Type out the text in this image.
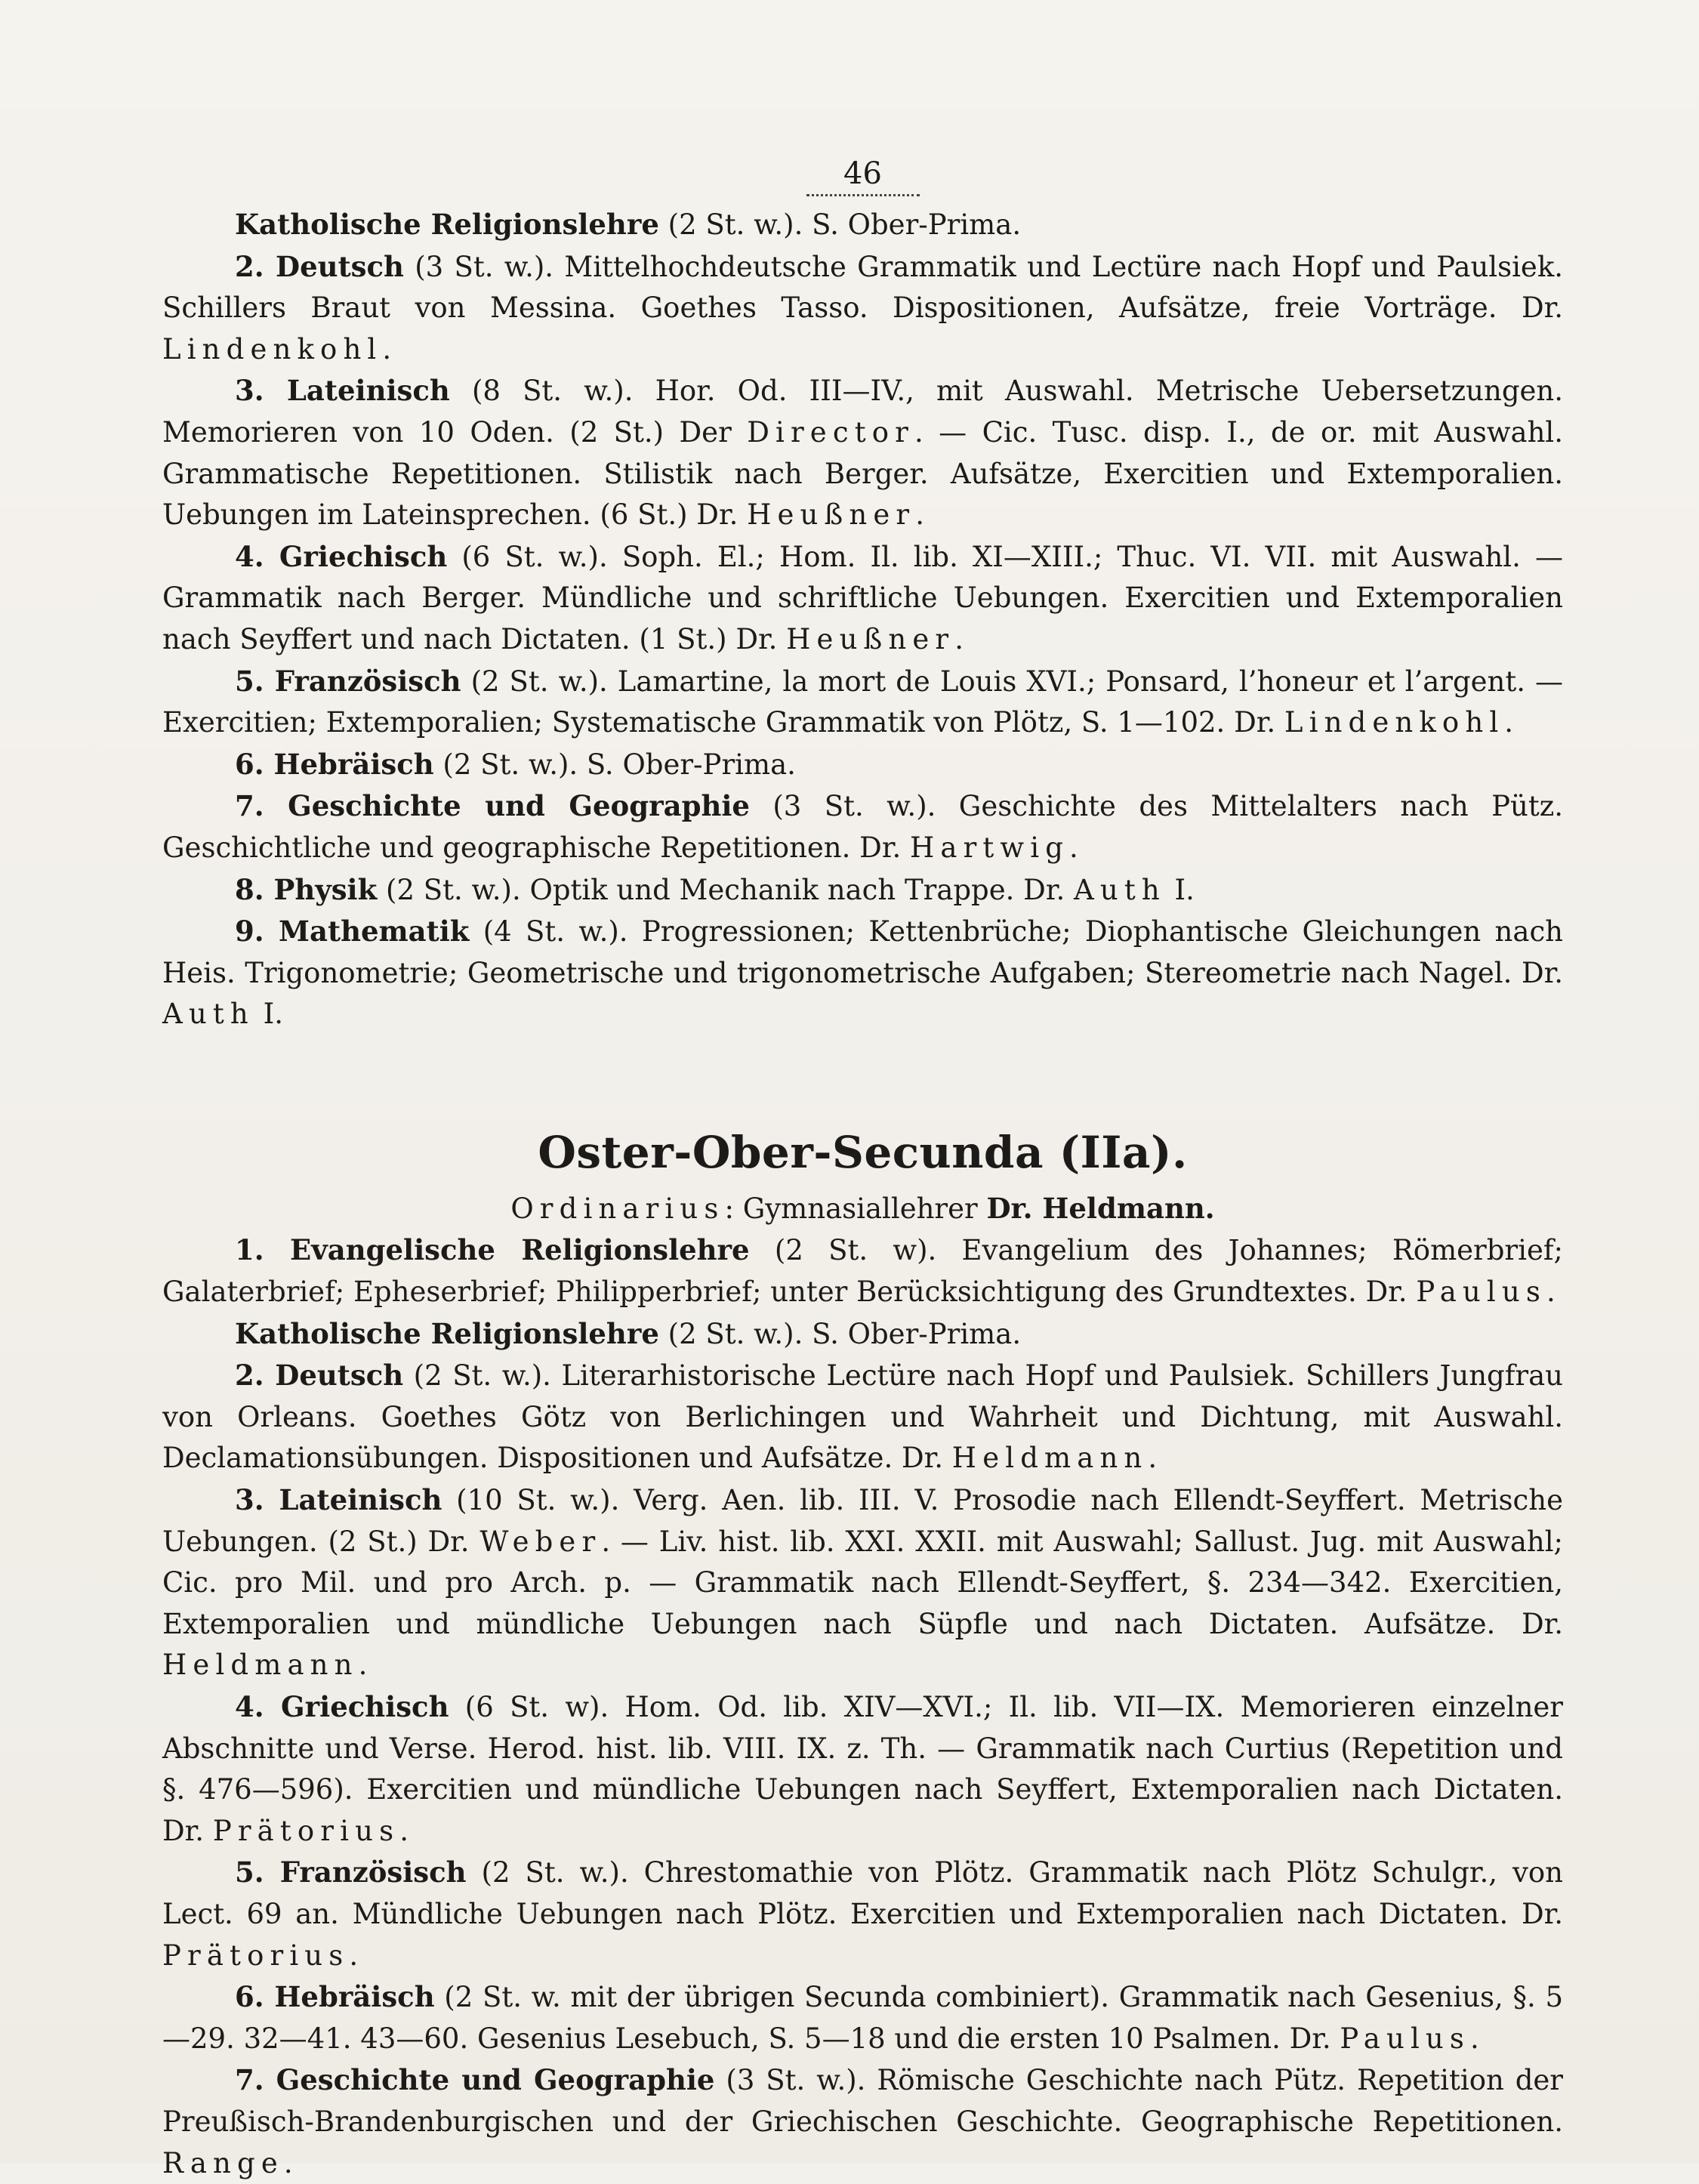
46

Katholische Religionslehre (2 St. w.). S. Ober-Prima.

2. Deutsch (3 St. w.). Mittelhochdeutsche Grammatik und Lectüre nach Hopf und Paulsiek. Schillers Braut von Messina. Goethes Tasso. Dispositionen, Aufsätze, freie Vorträge. Dr. Lindenkohl.

3. Lateinisch (8 St. w.). Hor. Od. III—IV., mit Auswahl. Metrische Uebersetzungen. Memorieren von 10 Oden. (2 St.) Der Director. — Cic. Tusc. disp. I., de or. mit Auswahl. Grammatische Repetitionen. Stilistik nach Berger. Aufsätze, Exercitien und Extemporalien. Uebungen im Lateinsprechen. (6 St.) Dr. Heußner.

4. Griechisch (6 St. w.). Soph. El.; Hom. Il. lib. XI—XIII.; Thuc. VI. VII. mit Auswahl. — Grammatik nach Berger. Mündliche und schriftliche Uebungen. Exercitien und Extemporalien nach Seyffert und nach Dictaten. (1 St.) Dr. Heußner.

5. Französisch (2 St. w.). Lamartine, la mort de Louis XVI.; Ponsard, l’honeur et l’argent. — Exercitien; Extemporalien; Systematische Grammatik von Plötz, S. 1—102. Dr. Lindenkohl.

6. Hebräisch (2 St. w.). S. Ober-Prima.

7. Geschichte und Geographie (3 St. w.). Geschichte des Mittelalters nach Pütz. Geschichtliche und geographische Repetitionen. Dr. Hartwig.

8. Physik (2 St. w.). Optik und Mechanik nach Trappe. Dr. Auth I.

9. Mathematik (4 St. w.). Progressionen; Kettenbrüche; Diophantische Gleichungen nach Heis. Trigonometrie; Geometrische und trigonometrische Aufgaben; Stereometrie nach Nagel. Dr. Auth I.

Oster-Ober-Secunda (IIa).

Ordinarius: Gymnasiallehrer Dr. Heldmann.

1. Evangelische Religionslehre (2 St. w). Evangelium des Johannes; Römerbrief; Galaterbrief; Epheserbrief; Philipperbrief; unter Berücksichtigung des Grundtextes. Dr. Paulus.

Katholische Religionslehre (2 St. w.). S. Ober-Prima.

2. Deutsch (2 St. w.). Literarhistorische Lectüre nach Hopf und Paulsiek. Schillers Jungfrau von Orleans. Goethes Götz von Berlichingen und Wahrheit und Dichtung, mit Auswahl. Declamationsübungen. Dispositionen und Aufsätze. Dr. Heldmann.

3. Lateinisch (10 St. w.). Verg. Aen. lib. III. V. Prosodie nach Ellendt-Seyffert. Metrische Uebungen. (2 St.) Dr. Weber. — Liv. hist. lib. XXI. XXII. mit Auswahl; Sallust. Jug. mit Auswahl; Cic. pro Mil. und pro Arch. p. — Grammatik nach Ellendt-Seyffert, §. 234—342. Exercitien, Extemporalien und mündliche Uebungen nach Süpfle und nach Dictaten. Aufsätze. Dr. Heldmann.

4. Griechisch (6 St. w). Hom. Od. lib. XIV—XVI.; Il. lib. VII—IX. Memorieren einzelner Abschnitte und Verse. Herod. hist. lib. VIII. IX. z. Th. — Grammatik nach Curtius (Repetition und §. 476—596). Exercitien und mündliche Uebungen nach Seyffert, Extemporalien nach Dictaten. Dr. Prätorius.

5. Französisch (2 St. w.). Chrestomathie von Plötz. Grammatik nach Plötz Schulgr., von Lect. 69 an. Mündliche Uebungen nach Plötz. Exercitien und Extemporalien nach Dictaten. Dr. Prätorius.

6. Hebräisch (2 St. w. mit der übrigen Secunda combiniert). Grammatik nach Gesenius, §. 5—29. 32—41. 43—60. Gesenius Lesebuch, S. 5—18 und die ersten 10 Psalmen. Dr. Paulus.

7. Geschichte und Geographie (3 St. w.). Römische Geschichte nach Pütz. Repetition der Preußisch-Brandenburgischen und der Griechischen Geschichte. Geographische Repetitionen. Range.
